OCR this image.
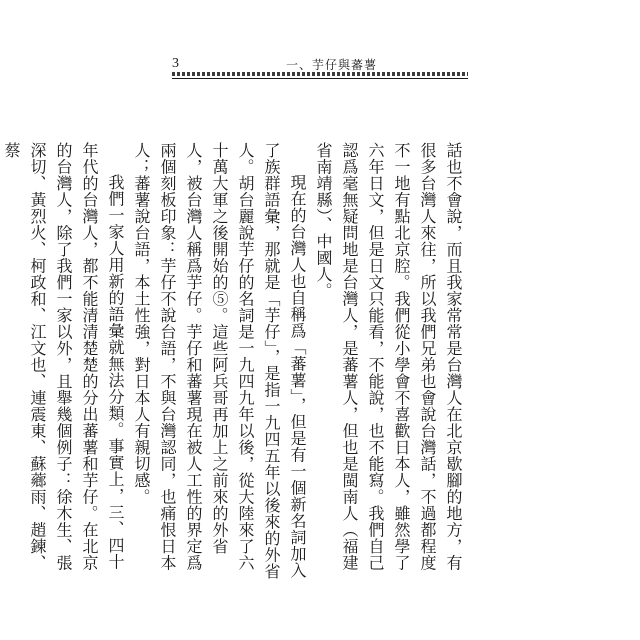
3	一、芋仔與蕃薯

話也不會說，而且我家常常是台灣人在北京歇腳的地方，有很多台灣人來往，所以我們兄弟也會說台灣話，不過都程度不一地有點北京腔。我們從小學會不喜歡日本人，雖然學了六年日文，但是日文只能看，不能說，也不能寫。我們自己認爲毫無疑問地是台灣人，是蕃薯人，但也是閩南人（福建省南靖縣）、中國人。

現在的台灣人也自稱爲「蕃薯」，但是有一個新名詞加入了族群語彙，那就是「芋仔」，是指一九四五年以後來的外省人。胡台麗說芋仔的名詞是一九四九年以後，從大陸來了六十萬大軍之後開始的⑤。這些阿兵哥再加上之前來的外省人，被台灣人稱爲芋仔。芋仔和蕃薯現在被人工性的界定爲兩個刻板印象：芋仔不說台語，不與台灣認同，也痛恨日本人；蕃薯說台語，本土性強，對日本人有親切感。

我們一家人用新的語彙就無法分類。事實上，三、四十年代的台灣人，都不能清清楚楚的分出蕃薯和芋仔。在北京的台灣人，除了我們一家以外，且舉幾個例子：徐木生、張深切、黃烈火、柯政和、江文也、連震東、蘇薌雨、趙鍊、蔡
